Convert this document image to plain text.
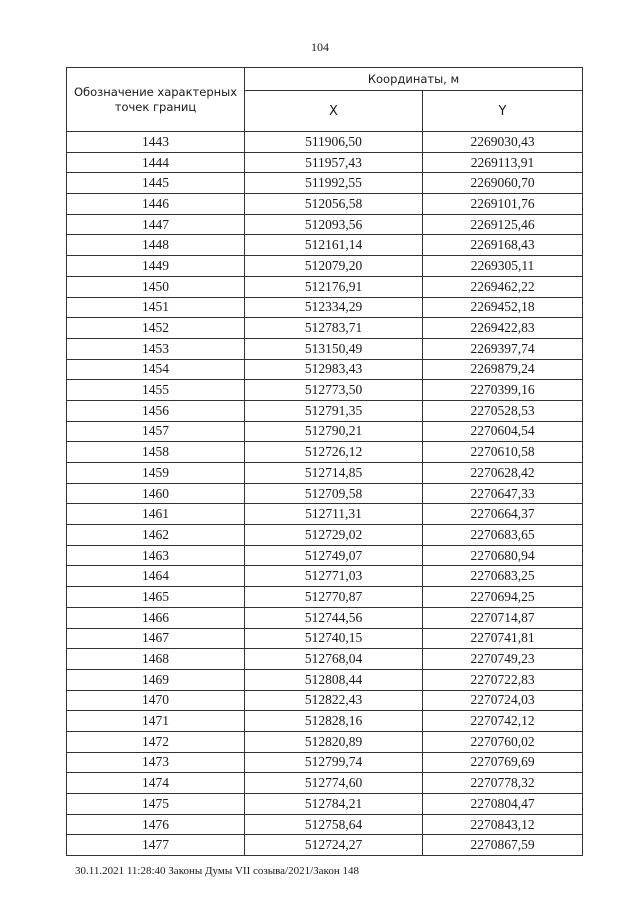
104
Обозначение характерных точек границ	Координаты, м	
	X	Y
1443	511906,50	2269030,43
1444	511957,43	2269113,91
1445	511992,55	2269060,70
1446	512056,58	2269101,76
1447	512093,56	2269125,46
1448	512161,14	2269168,43
1449	512079,20	2269305,11
1450	512176,91	2269462,22
1451	512334,29	2269452,18
1452	512783,71	2269422,83
1453	513150,49	2269397,74
1454	512983,43	2269879,24
1455	512773,50	2270399,16
1456	512791,35	2270528,53
1457	512790,21	2270604,54
1458	512726,12	2270610,58
1459	512714,85	2270628,42
1460	512709,58	2270647,33
1461	512711,31	2270664,37
1462	512729,02	2270683,65
1463	512749,07	2270680,94
1464	512771,03	2270683,25
1465	512770,87	2270694,25
1466	512744,56	2270714,87
1467	512740,15	2270741,81
1468	512768,04	2270749,23
1469	512808,44	2270722,83
1470	512822,43	2270724,03
1471	512828,16	2270742,12
1472	512820,89	2270760,02
1473	512799,74	2270769,69
1474	512774,60	2270778,32
1475	512784,21	2270804,47
1476	512758,64	2270843,12
1477	512724,27	2270867,59
30.11.2021 11:28:40 Законы Думы VII созыва/2021/Закон 148
